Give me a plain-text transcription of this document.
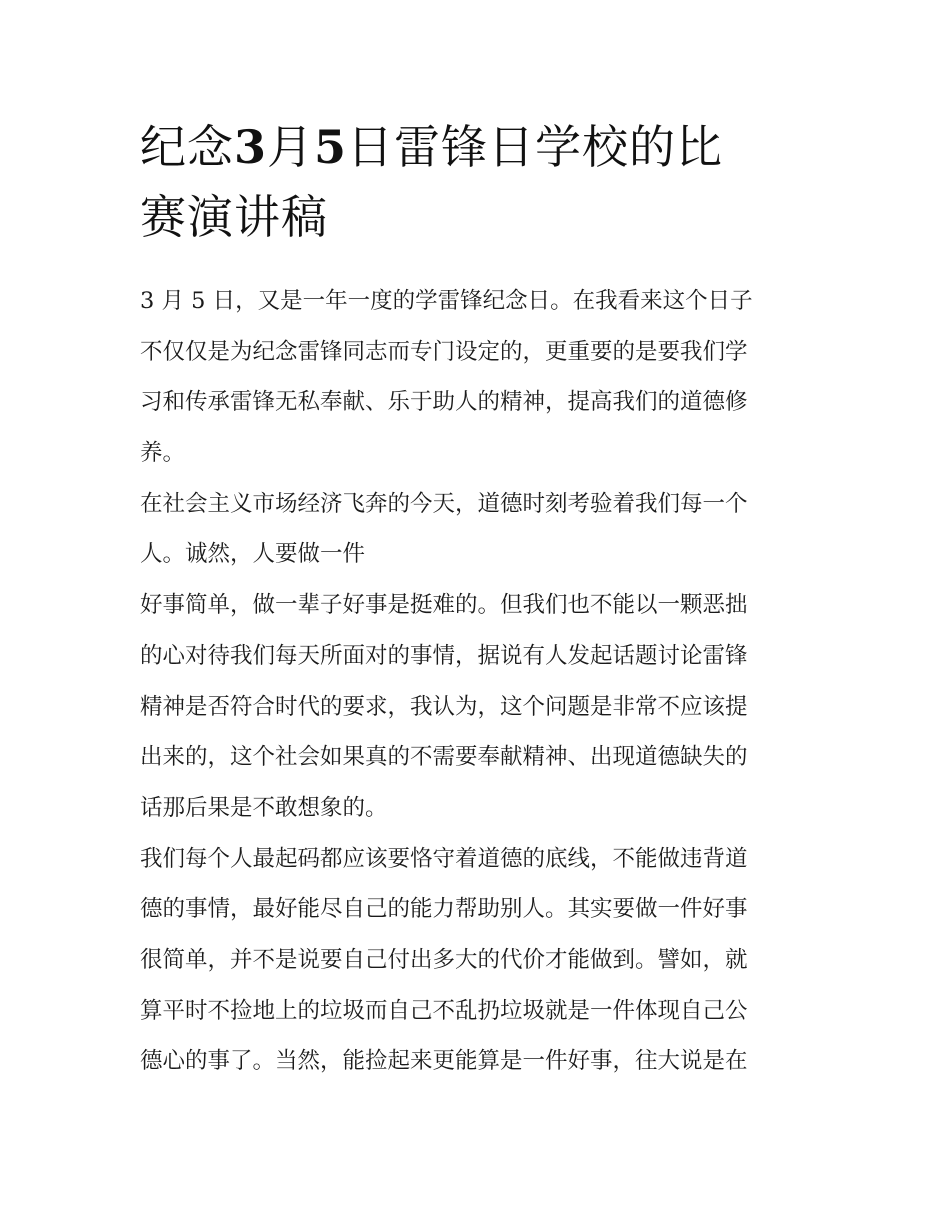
纪念3月5日雷锋日学校的比
赛演讲稿
3 月 5 日，又是一年一度的学雷锋纪念日。在我看来这个日子
不仅仅是为纪念雷锋同志而专门设定的，更重要的是要我们学
习和传承雷锋无私奉献、乐于助人的精神，提高我们的道德修
养。
在社会主义市场经济飞奔的今天，道德时刻考验着我们每一个
人。诚然，人要做一件
好事简单，做一辈子好事是挺难的。但我们也不能以一颗恶拙
的心对待我们每天所面对的事情，据说有人发起话题讨论雷锋
精神是否符合时代的要求，我认为，这个问题是非常不应该提
出来的，这个社会如果真的不需要奉献精神、出现道德缺失的
话那后果是不敢想象的。
我们每个人最起码都应该要恪守着道德的底线，不能做违背道
德的事情，最好能尽自己的能力帮助别人。其实要做一件好事
很简单，并不是说要自己付出多大的代价才能做到。譬如，就
算平时不捡地上的垃圾而自己不乱扔垃圾就是一件体现自己公
德心的事了。当然，能捡起来更能算是一件好事，往大说是在
